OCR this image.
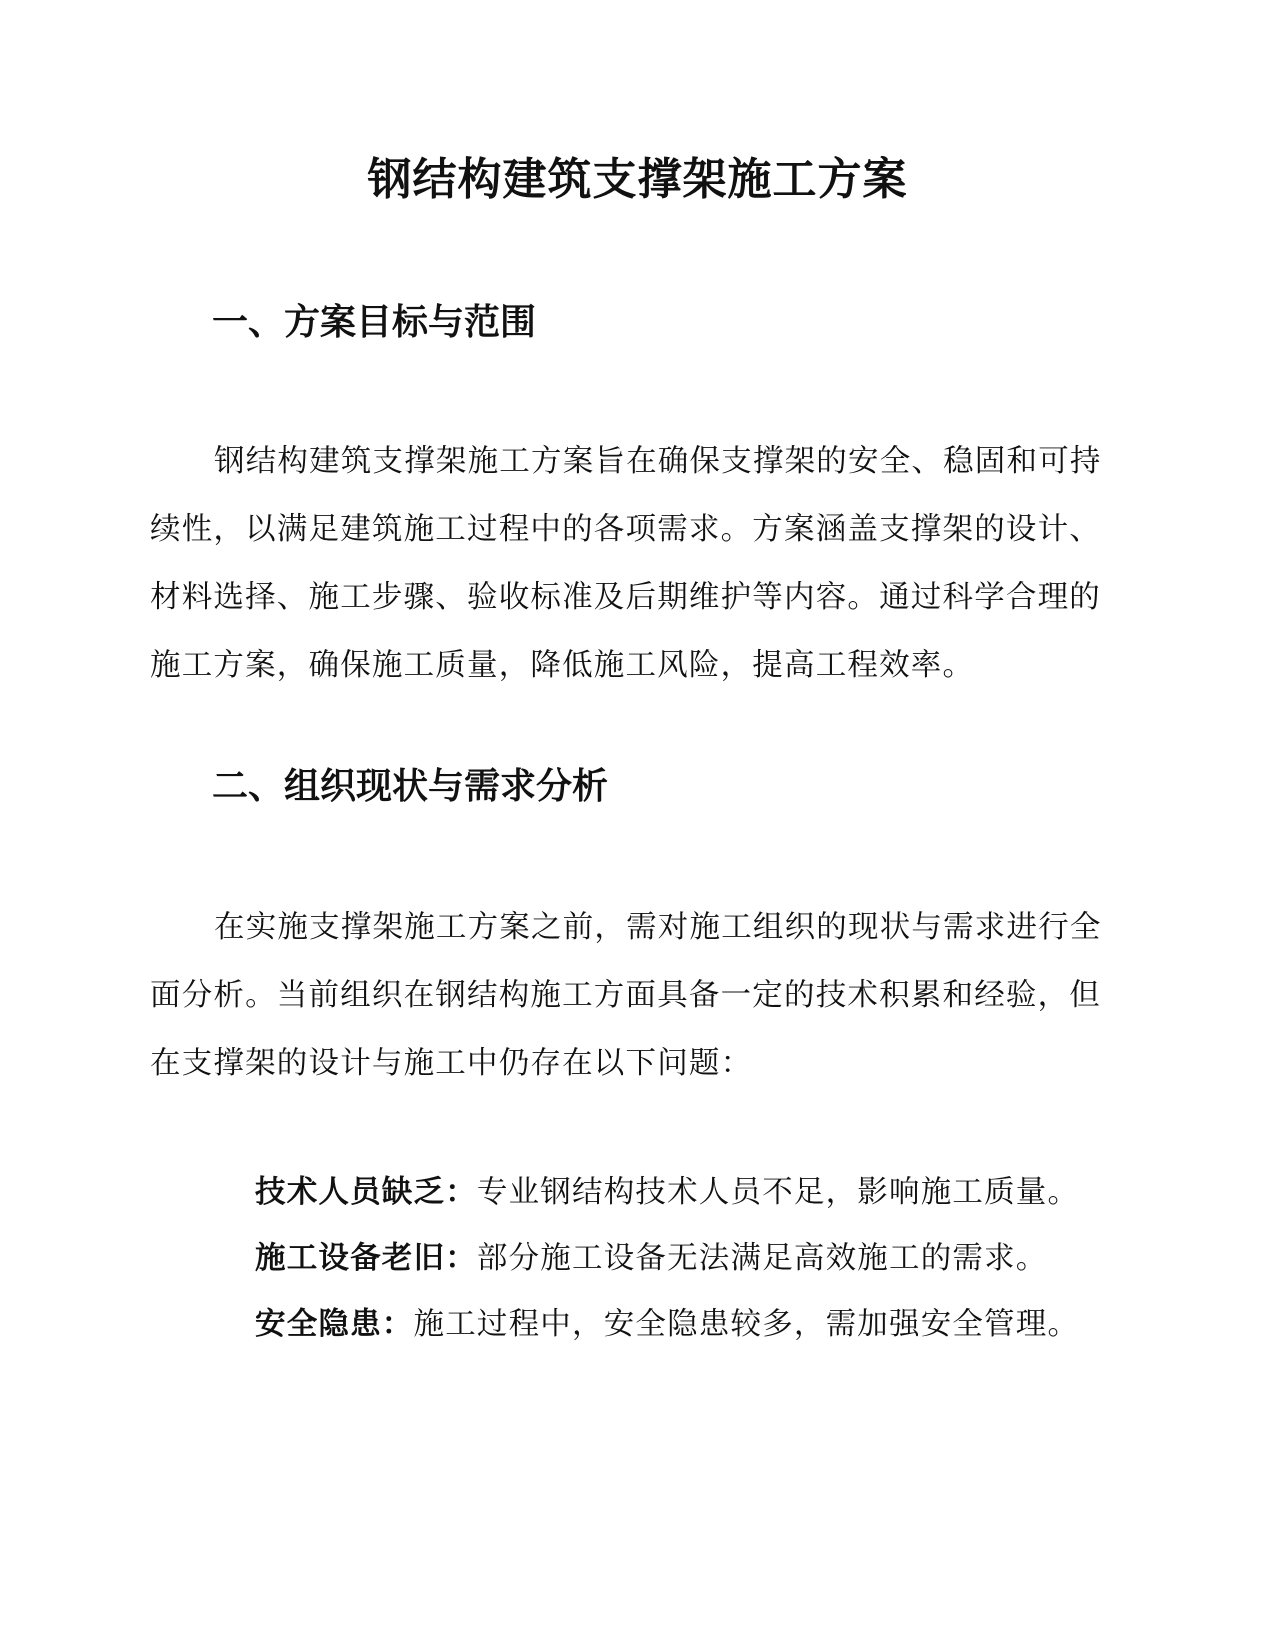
钢结构建筑支撑架施工方案
一、方案目标与范围

钢结构建筑支撑架施工方案旨在确保支撑架的安全、稳固和可持续性，以满足建筑施工过程中的各项需求。方案涵盖支撑架的设计、材料选择、施工步骤、验收标准及后期维护等内容。通过科学合理的施工方案，确保施工质量，降低施工风险，提高工程效率。

二、组织现状与需求分析

在实施支撑架施工方案之前，需对施工组织的现状与需求进行全面分析。当前组织在钢结构施工方面具备一定的技术积累和经验，但在支撑架的设计与施工中仍存在以下问题：

技术人员缺乏：专业钢结构技术人员不足，影响施工质量。
施工设备老旧：部分施工设备无法满足高效施工的需求。
安全隐患：施工过程中，安全隐患较多，需加强安全管理。
